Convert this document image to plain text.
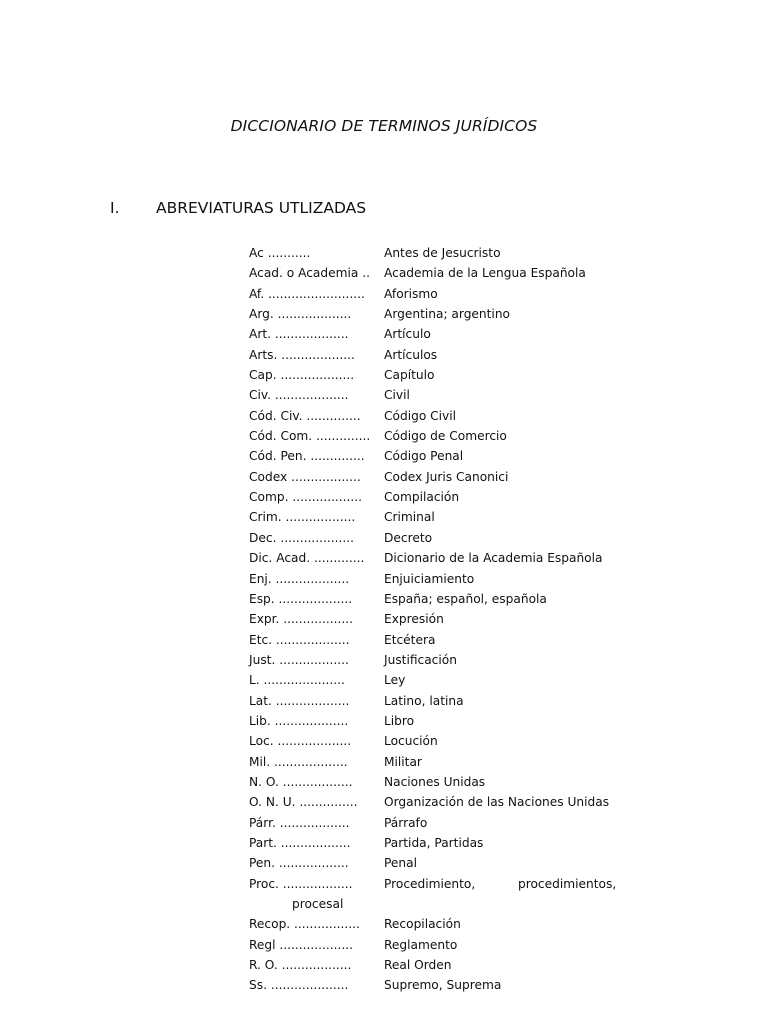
DICCIONARIO DE TERMINOS JURÍDICOS
I. ABREVIATURAS UTLIZADAS
Ac ...........	Antes de Jesucristo
Acad. o Academia .. Academia de la Lengua Española
Af. ......................... Aforismo
Arg. ...................	Argentina; argentino
Art. ...................	Artículo
Arts. ................... Artículos
Cap. ................... Capítulo
Civ. ...................	Civil
Cód. Civ. .............. Código Civil
Cód. Com. .............. Código de Comercio
Cód. Pen. .............. Código Penal
Codex .................. Codex Juris Canonici
Comp. .................. Compilación
Crim. .................. Criminal
Dec. ................... Decreto
Dic. Acad. ............. Dicionario de la Academia Española
Enj. ...................	Enjuiciamiento
Esp. ...................	España; español, española
Expr. ..................	Expresión
Etc. ...................	Etcétera
Just. ..................	Justificación
L. .....................	Ley
Lat. ...................	Latino, latina
Lib. ...................	Libro
Loc. ...................	Locución
Mil. ...................	Militar
N. O. ..................	Naciones Unidas
O. N. U. ............... Organización de las Naciones Unidas
Párr. ..................	Párrafo
Part. ..................	Partida, Partidas
Pen. ..................	Penal
Proc. ..................	Procedimiento,	procedimientos,
procesal
Recop. ................. Recopilación
Regl ...................	Reglamento
R. O. ..................	Real Orden
Ss. ....................	Supremo, Suprema
